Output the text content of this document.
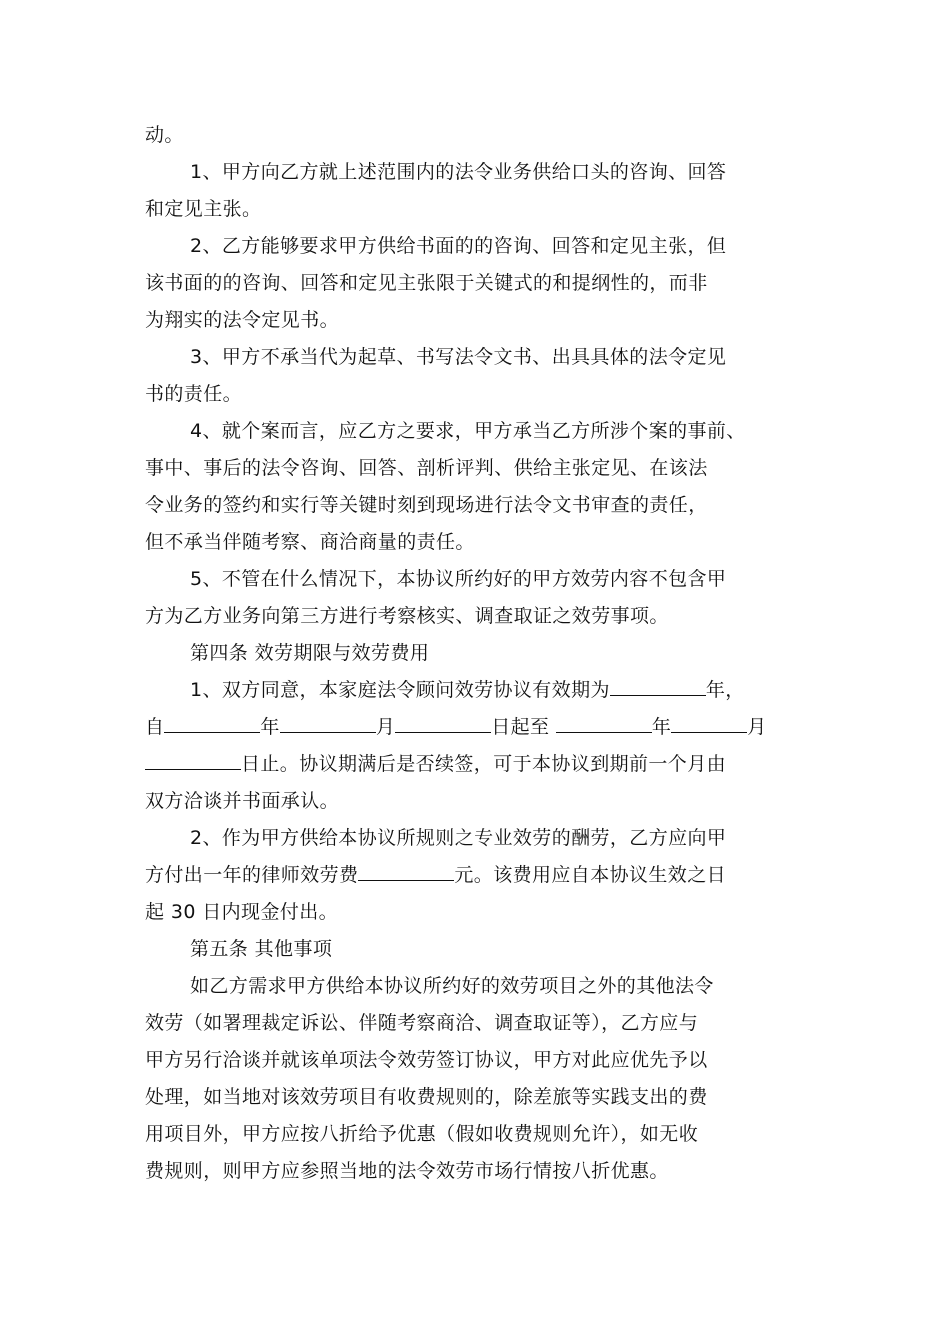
动。
1、甲方向乙方就上述范围内的法令业务供给口头的咨询、回答
和定见主张。
2、乙方能够要求甲方供给书面的的咨询、回答和定见主张，但
该书面的的咨询、回答和定见主张限于关键式的和提纲性的，而非
为翔实的法令定见书。
3、甲方不承当代为起草、书写法令文书、出具具体的法令定见
书的责任。
4、就个案而言，应乙方之要求，甲方承当乙方所涉个案的事前、
事中、事后的法令咨询、回答、剖析评判、供给主张定见、在该法
令业务的签约和实行等关键时刻到现场进行法令文书审查的责任，
但不承当伴随考察、商洽商量的责任。
5、不管在什么情况下，本协议所约好的甲方效劳内容不包含甲
方为乙方业务向第三方进行考察核实、调查取证之效劳事项。
第四条 效劳期限与效劳费用
1、双方同意，本家庭法令顾问效劳协议有效期为	年，
自	年	月	日起至	年	月
日止。协议期满后是否续签，可于本协议到期前一个月由
双方洽谈并书面承认。
2、作为甲方供给本协议所规则之专业效劳的酬劳，乙方应向甲
方付出一年的律师效劳费	元。该费用应自本协议生效之日
起 30 日内现金付出。
第五条 其他事项
如乙方需求甲方供给本协议所约好的效劳项目之外的其他法令
效劳（如署理裁定诉讼、伴随考察商洽、调查取证等），乙方应与
甲方另行洽谈并就该单项法令效劳签订协议，甲方对此应优先予以
处理，如当地对该效劳项目有收费规则的，除差旅等实践支出的费
用项目外，甲方应按八折给予优惠（假如收费规则允许），如无收
费规则，则甲方应参照当地的法令效劳市场行情按八折优惠。
